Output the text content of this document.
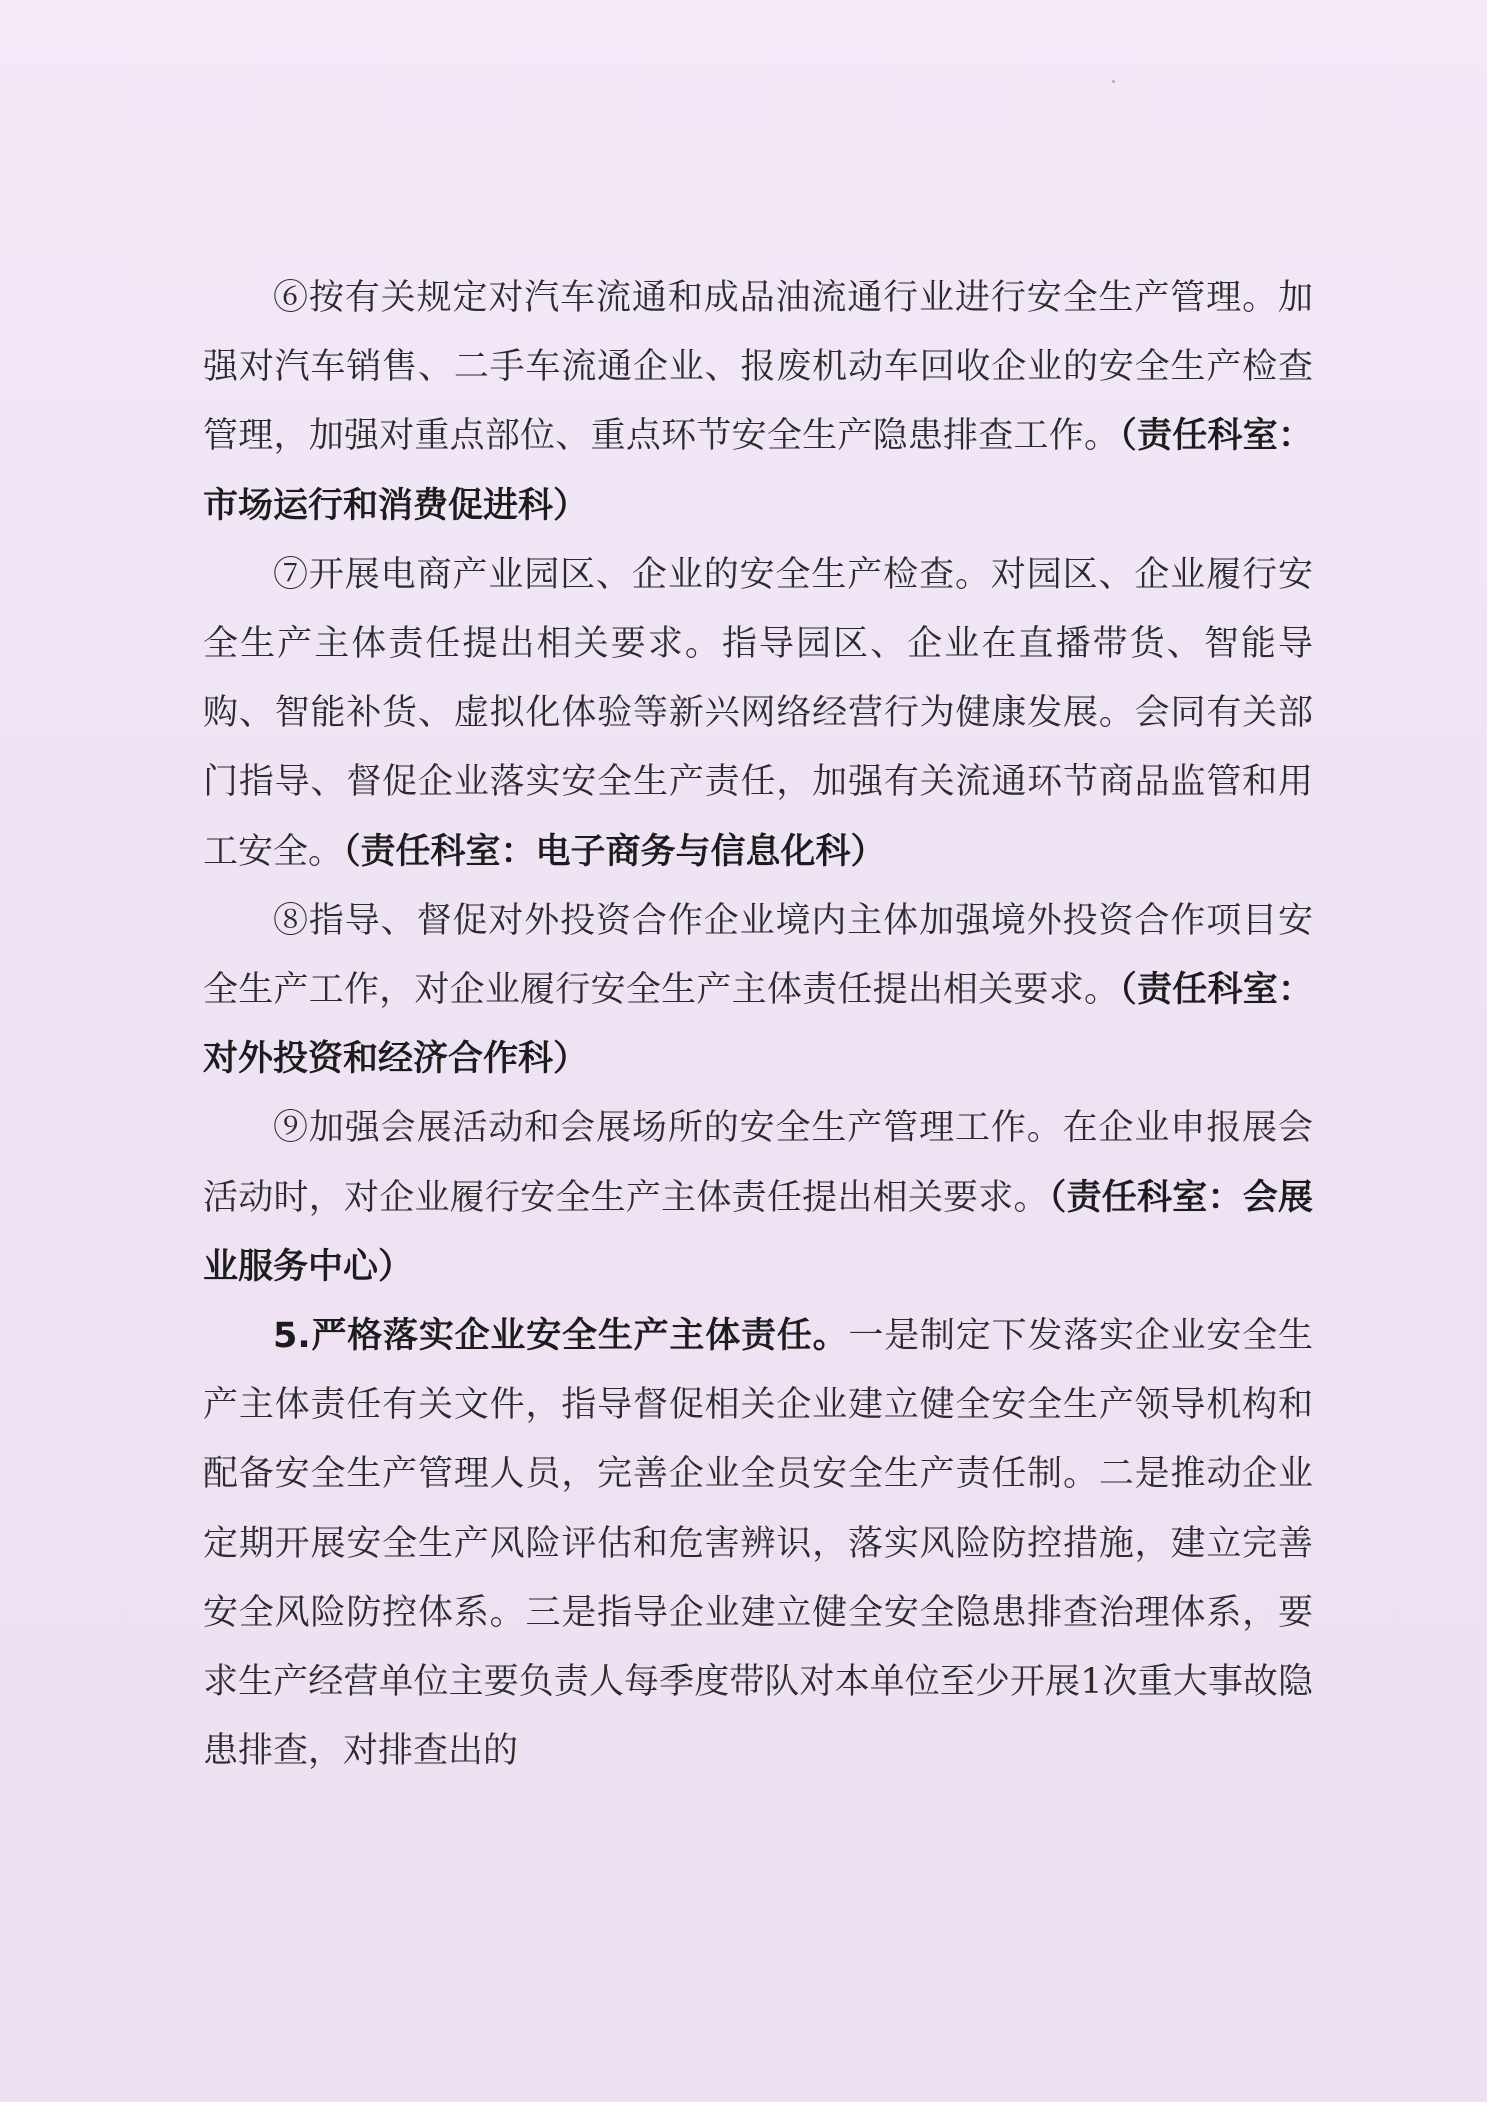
⑥按有关规定对汽车流通和成品油流通行业进行安全生产管理。加强对汽车销售、二手车流通企业、报废机动车回收企业的安全生产检查管理，加强对重点部位、重点环节安全生产隐患排查工作。（责任科室：市场运行和消费促进科）

⑦开展电商产业园区、企业的安全生产检查。对园区、企业履行安全生产主体责任提出相关要求。指导园区、企业在直播带货、智能导购、智能补货、虚拟化体验等新兴网络经营行为健康发展。会同有关部门指导、督促企业落实安全生产责任，加强有关流通环节商品监管和用工安全。（责任科室：电子商务与信息化科）

⑧指导、督促对外投资合作企业境内主体加强境外投资合作项目安全生产工作，对企业履行安全生产主体责任提出相关要求。（责任科室：对外投资和经济合作科）

⑨加强会展活动和会展场所的安全生产管理工作。在企业申报展会活动时，对企业履行安全生产主体责任提出相关要求。（责任科室：会展业服务中心）

5.严格落实企业安全生产主体责任。一是制定下发落实企业安全生产主体责任有关文件，指导督促相关企业建立健全安全生产领导机构和配备安全生产管理人员，完善企业全员安全生产责任制。二是推动企业定期开展安全生产风险评估和危害辨识，落实风险防控措施，建立完善安全风险防控体系。三是指导企业建立健全安全隐患排查治理体系，要求生产经营单位主要负责人每季度带队对本单位至少开展1次重大事故隐患排查，对排查出的
